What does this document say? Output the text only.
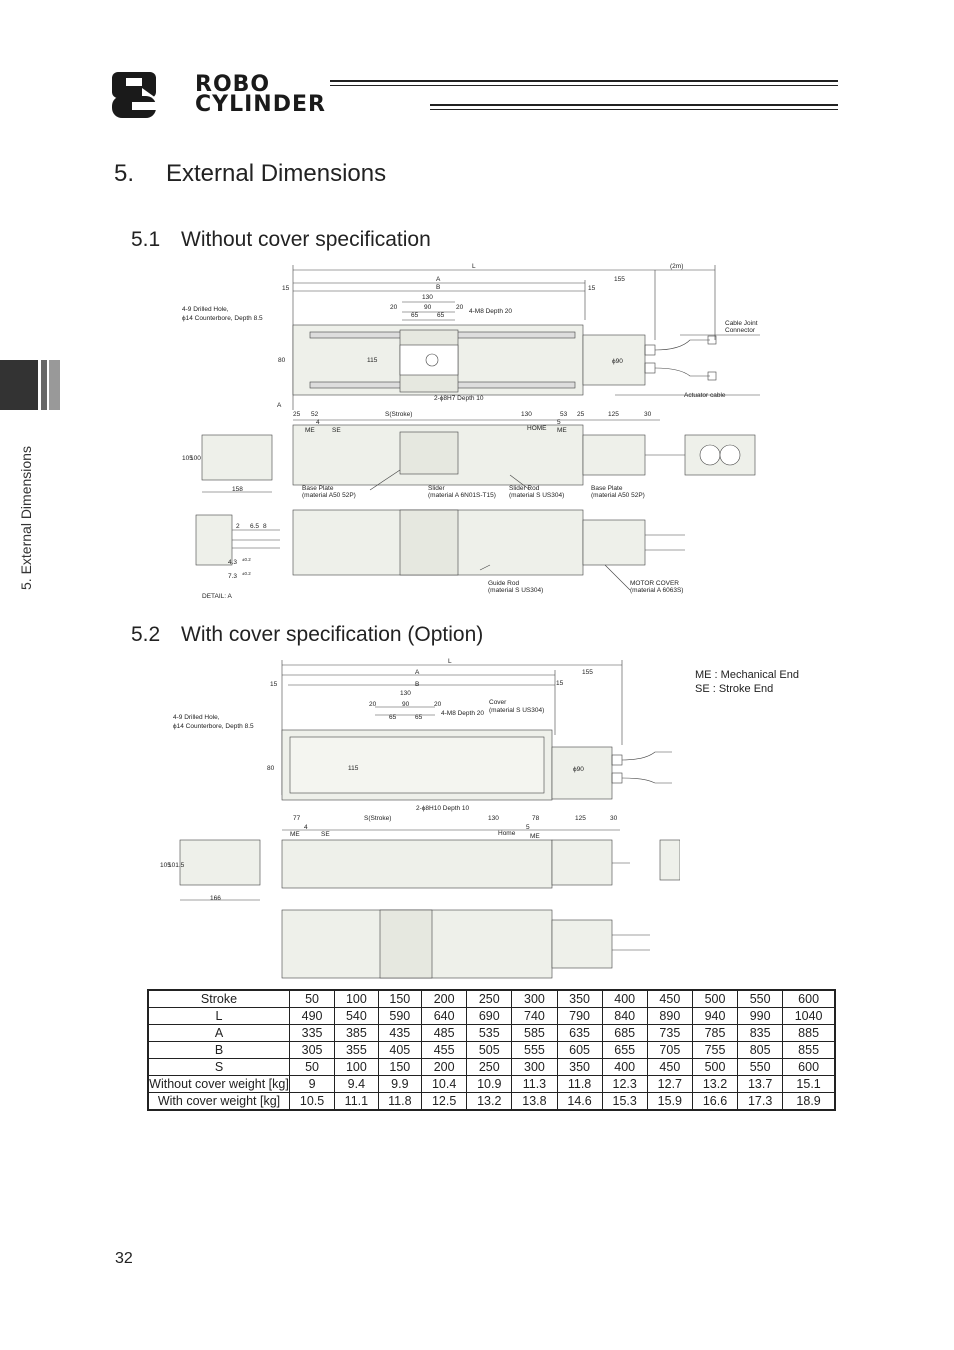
ROBO
CYLINDER
5. External Dimensions
5.1 Without cover specification
5.2 With cover specification (Option)
5. External Dimensions
L	(2m)
A	155
15	B	15
130
20	90	20
4-M8 Depth 20
65	65
4-9 Drilled Hole,
ϕ14 Counterbore, Depth 8.5
Cable Joint
Connector
80	115	ϕ90
Actuator cable
A
2-ϕ8H7 Depth 10
25 52	S(Stroke)	130	53 25	125	30
4
ME	SE	HOME
5
ME
105
100
158	Base Plate
(material A50 52P)
Slider
(material A 6N01S-T15)
Slider Rod
(material S US304)
Base Plate
(material A50 52P)
2 6.5 8
4.3 ±0.2
7.3 ±0.2
DETAIL: A
Guide Rod
(material S US304)
MOTOR COVER
(material A 6063S)
L
A	155
15	B	15
130
20	90	20	Cover
(material S US304)
4-M8 Depth 20
65	65
4-9 Drilled Hole,
ϕ14 Counterbore, Depth 8.5
80	115	ϕ90
2-ϕ8H10 Depth 10
77	S(Stroke)	130	78	125	30
4
ME	SE	Home
5
ME
105
101.5
166
ME : Mechanical End
SE : Stroke End
Stroke	50	100	150	200	250	300	350	400	450	500	550	600
L	490	540	590	640	690	740	790	840	890	940	990	1040
A	335	385	435	485	535	585	635	685	735	785	835	885
B	305	355	405	455	505	555	605	655	705	755	805	855
S	50	100	150	200	250	300	350	400	450	500	550	600
Without cover weight [kg]	9	9.4	9.9	10.4	10.9	11.3	11.8	12.3	12.7	13.2	13.7	15.1
With cover weight [kg]	10.5	11.1	11.8	12.5	13.2	13.8	14.6	15.3	15.9	16.6	17.3	18.9
32
